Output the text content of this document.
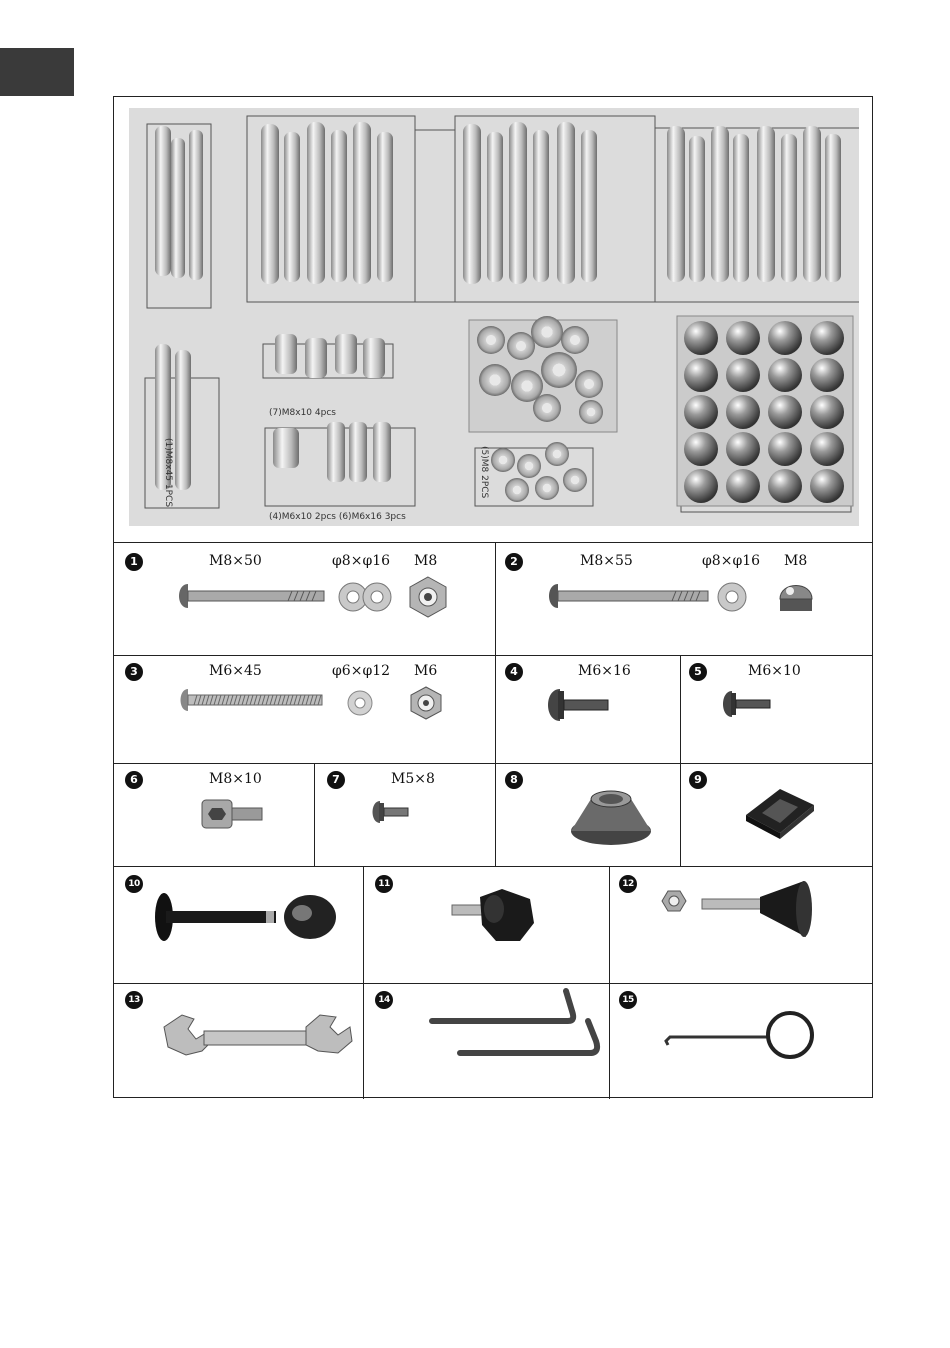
(7)M8x10 4pcs
(4)M6x10 2pcs (6)M6x16 3pcs
(1)M8x45 1PCS	(5)M8 2PCS
1	M8×50	φ8×φ16 M8	2	M8×55	φ8×φ16 M8
3	M6×45	φ6×φ12 M6	4	M6×16	5	M6×10
6	M8×10	7	M5×8	8	9
10	11	12
13	14	15
